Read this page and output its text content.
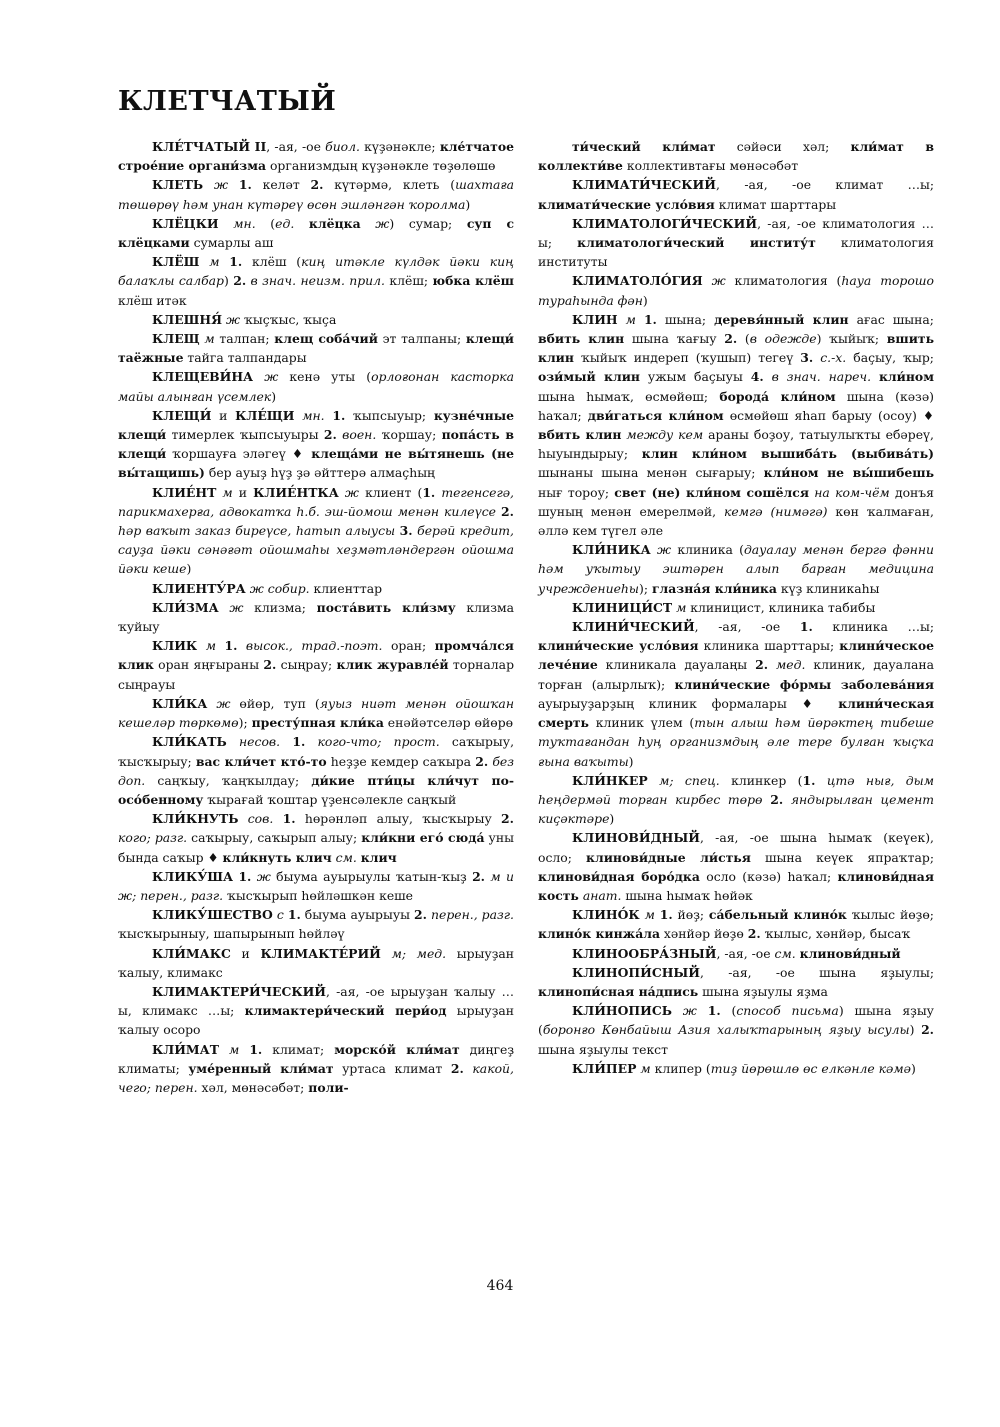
КЛЕТЧАТЫЙ

КЛЕ́ТЧАТЫЙ II, -ая, -ое биол. күҙәнәкле; кле́тчатое строе́ние органи́зма организмдың күҙәнәкле төҙөлөшө

КЛЕТЬ ж 1. келәт 2. күтәрмә, клеть (шахтаға төшөрөү һәм унан күтәреү өсөн эшләнгән ҡоролма)

КЛЁЦКИ мн. (ед. клёцка ж) сумар; суп с клёцками сумарлы аш

КЛЁШ м 1. клёш (киң итәкле күлдәк йәки киң балаҡлы салбар) 2. в знач. неизм. прил. клёш; юбка клёш клёш итәк

КЛЕШНЯ́ ж ҡыҫҡыс, ҡыҫа

КЛЕЩ м талпан; клещ соба́чий эт талпаны; клещи́ таёжные тайга талпандары

КЛЕЩЕВИ́НА ж кенә уты (орлоғонан касторка майы алынған үсемлек)

КЛЕЩИ́ и КЛЕ́ЩИ мн. 1. ҡыпсыуыр; кузне́чные клещи́ тимерлек ҡыпсыуыры 2. воен. ҡоршау; попа́сть в клещи́ ҡоршауға эләгеү ♦ клеща́ми не вы́тянешь (не вы́тащишь) бер ауыҙ һүҙ ҙә әйттерә алмаҫһың

КЛИЕ́НТ м и КЛИЕ́НТКА ж клиент (1. тегенсегә, парикмахерға, адвокатҡа һ.б. эш-йомош менән килеүсе 2. һәр ваҡыт заказ биреүсе, һатып алыусы 3. берәй кредит, сауҙа йәки сәнәғәт ойошмаһы хеҙмәтләндергән ойошма йәки кеше)

КЛИЕНТУ́РА ж собир. клиенттар

КЛИ́ЗМА ж клизма; поста́вить кли́зму клизма ҡуйыу

КЛИК м 1. высок., трад.-поэт. оран; промча́лся клик оран яңғыраны 2. сыңрау; клик журавле́й торналар сыңрауы

КЛИ́КА ж өйөр, туп (яуыз ниәт менән ойошҡан кешеләр төркөмө); престу́пная кли́ка енәйәтселәр өйөрө

КЛИ́КАТЬ несов. 1. кого-что; прост. саҡырыу, ҡысҡырыу; вас кли́чет кто́-то һеҙҙе кемдер саҡыра 2. без доп. саңҡыу, ҡаңҡылдау; ди́кие пти́цы кли́чут по-осо́бенному ҡырағай ҡоштар үҙенсәлекле саңҡый

КЛИ́КНУТЬ сов. 1. һөрәнләп алыу, ҡысҡырыу 2. кого; разг. саҡырыу, саҡырып алыу; кли́кни его́ сюда́ уны бында саҡыр ♦ кли́кнуть клич см. клич

КЛИКУ́ША 1. ж быума ауырыулы ҡатын-ҡыҙ 2. м и ж; перен., разг. ҡысҡырып һөйләшкән кеше

КЛИКУ́ШЕСТВО с 1. быума ауырыуы 2. перен., разг. ҡысҡырыныу, шапырынып һөйләү

КЛИ́МАКС и КЛИМАКТЕ́РИЙ м; мед. ырыуҙан ҡалыу, климакс

КЛИМАКТЕРИ́ЧЕСКИЙ, -ая, -ое ырыуҙан ҡалыу …ы, климакс …ы; климактери́ческий пери́од ырыуҙан ҡалыу осоро

КЛИ́МАТ м 1. климат; морско́й кли́мат диңгеҙ климаты; уме́ренный кли́мат уртаса климат 2. какой, чего; перен. хәл, мөнәсәбәт; поли-

ти́ческий кли́мат сәйәси хәл; кли́мат в коллекти́ве коллективтағы мөнәсәбәт

КЛИМАТИ́ЧЕСКИЙ, -ая, -ое климат …ы; климати́ческие усло́вия климат шарттары

КЛИМАТОЛОГИ́ЧЕСКИЙ, -ая, -ое климатология …ы; климатологи́ческий институ́т климатология институты

КЛИМАТОЛО́ГИЯ ж климатология (һауа торошо тураһында фән)

КЛИН м 1. шына; деревя́нный клин ағас шына; вбить клин шына ҡағыу 2. (в одежде) ҡыйыҡ; вшить клин ҡыйыҡ индереп (ҡушып) тегеү 3. с.-х. баҫыу, ҡыр; ози́мый клин ужым баҫыуы 4. в знач. нареч. кли́ном шына һымаҡ, өсмөйөш; борода́ кли́ном шына (кәзә) һаҡал; дви́гаться кли́ном өсмөйөш яһап барыу (осоу) ♦ вбить клин между кем араны боҙоу, татыулыҡты ебәреү, һыуындырыу; клин кли́ном вышиба́ть (выбива́ть) шынаны шына менән сығарыу; кли́ном не вы́шибешь нығ тороу; свет (не) кли́ном сошёлся на ком-чём донъя шуның менән емерелмәй, кемгә (нимәгә) көн ҡалмаған, әллә кем түгел әле

КЛИ́НИКА ж клиника (дауалау менән бергә фәнни һәм уҡытыу эштәрен алып барған медицина учреждениеһы); глазна́я кли́ника күҙ клиникаһы

КЛИНИЦИ́СТ м клиницист, клиника табибы

КЛИНИ́ЧЕСКИЙ, -ая, -ое 1. клиника …ы; клини́ческие усло́вия клиника шарттары; клини́ческое лече́ние клиникала дауалаңы 2. мед. клиник, дауалана торған (алырлыҡ); клини́ческие фо́рмы заболева́ния ауырыуҙарҙың клиник формалары ♦ клини́ческая смерть клиник үлем (тын алыш һәм йөрәктең тибеше туҡтағандан һуң организмдың әле тере булған ҡыҫҡа ғына ваҡыты)

КЛИ́НКЕР м; спец. клинкер (1. цтә нығ, дым һеңдермәй торған кирбес төрө 2. яндырылған цемент киҫәктәре)

КЛИНОВИ́ДНЫЙ, -ая, -ое шына һымаҡ (кеүек), осло; клинови́дные ли́стья шына кеүек япраҡтар; клинови́дная боро́дка осло (кәзә) һаҡал; клинови́дная кость анат. шына һымаҡ һөйәк

КЛИНО́К м 1. йөҙ; са́бельный клино́к ҡылыс йөҙө; клино́к кинжа́ла хәнйәр йөҙө 2. ҡылыс, хәнйәр, бысаҡ

КЛИНООБРА́ЗНЫЙ, -ая, -ое см. клинови́дный

КЛИНОПИ́СНЫЙ, -ая, -ое шына яҙыулы; клинопи́сная на́дпись шына яҙыулы яҙма

КЛИ́НОПИСЬ ж 1. (способ письма) шына яҙыу (боронғо Көнбайыш Азия халыҡтарының яҙыу ысулы) 2. шына яҙыулы текст

КЛИ́ПЕР м клипер (тиҙ йөрөшлө өс елкәнле кәмә)

464
